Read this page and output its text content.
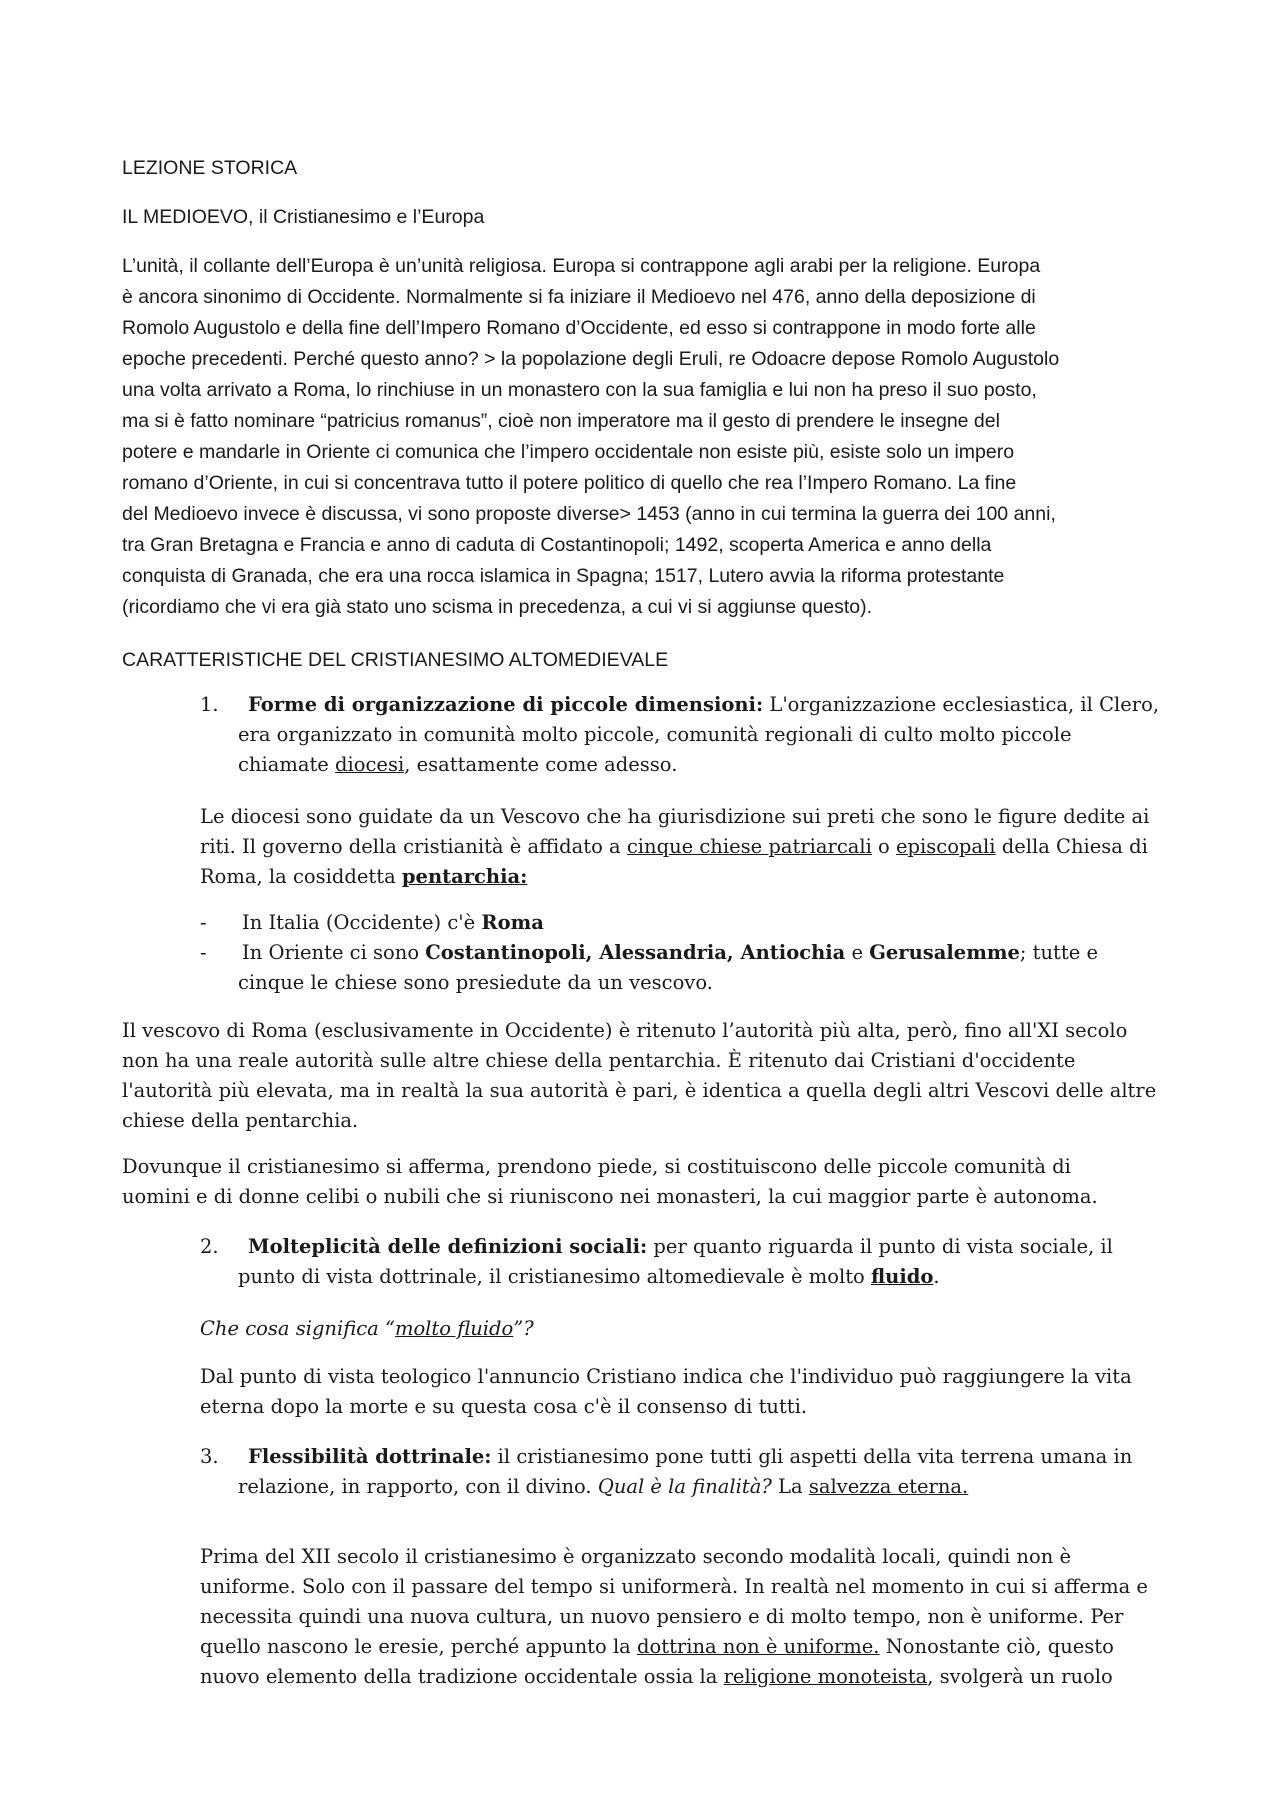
LEZIONE STORICA

IL MEDIOEVO, il Cristianesimo e l’Europa

L’unità, il collante dell’Europa è un’unità religiosa. Europa si contrappone agli arabi per la religione. Europa

è ancora sinonimo di Occidente. Normalmente si fa iniziare il Medioevo nel 476, anno della deposizione di

Romolo Augustolo e della fine dell’Impero Romano d’Occidente, ed esso si contrappone in modo forte alle

epoche precedenti. Perché questo anno? > la popolazione degli Eruli, re Odoacre depose Romolo Augustolo

una volta arrivato a Roma, lo rinchiuse in un monastero con la sua famiglia e lui non ha preso il suo posto,

ma si è fatto nominare “patricius romanus”, cioè non imperatore ma il gesto di prendere le insegne del

potere e mandarle in Oriente ci comunica che l’impero occidentale non esiste più, esiste solo un impero

romano d’Oriente, in cui si concentrava tutto il potere politico di quello che rea l’Impero Romano. La fine

del Medioevo invece è discussa, vi sono proposte diverse> 1453 (anno in cui termina la guerra dei 100 anni,

tra Gran Bretagna e Francia e anno di caduta di Costantinopoli; 1492, scoperta America e anno della

conquista di Granada, che era una rocca islamica in Spagna; 1517, Lutero avvia la riforma protestante

(ricordiamo che vi era già stato uno scisma in precedenza, a cui vi si aggiunse questo).

CARATTERISTICHE DEL CRISTIANESIMO ALTOMEDIEVALE

1. Forme di organizzazione di piccole dimensioni: L'organizzazione ecclesiastica, il Clero,

era organizzato in comunità molto piccole, comunità regionali di culto molto piccole

chiamate diocesi, esattamente come adesso.

Le diocesi sono guidate da un Vescovo che ha giurisdizione sui preti che sono le figure dedite ai

riti. Il governo della cristianità è affidato a cinque chiese patriarcali o episcopali della Chiesa di

Roma, la cosiddetta pentarchia:

- In Italia (Occidente) c'è Roma

- In Oriente ci sono Costantinopoli, Alessandria, Antiochia e Gerusalemme; tutte e

cinque le chiese sono presiedute da un vescovo.

Il vescovo di Roma (esclusivamente in Occidente) è ritenuto l’autorità più alta, però, fino all'XI secolo

non ha una reale autorità sulle altre chiese della pentarchia. È ritenuto dai Cristiani d'occidente

l'autorità più elevata, ma in realtà la sua autorità è pari, è identica a quella degli altri Vescovi delle altre

chiese della pentarchia.

Dovunque il cristianesimo si afferma, prendono piede, si costituiscono delle piccole comunità di

uomini e di donne celibi o nubili che si riuniscono nei monasteri, la cui maggior parte è autonoma.

2. Molteplicità delle definizioni sociali: per quanto riguarda il punto di vista sociale, il

punto di vista dottrinale, il cristianesimo altomedievale è molto fluido.

Che cosa significa “molto fluido”?

Dal punto di vista teologico l'annuncio Cristiano indica che l'individuo può raggiungere la vita

eterna dopo la morte e su questa cosa c'è il consenso di tutti.

3. Flessibilità dottrinale: il cristianesimo pone tutti gli aspetti della vita terrena umana in

relazione, in rapporto, con il divino. Qual è la finalità? La salvezza eterna.

Prima del XII secolo il cristianesimo è organizzato secondo modalità locali, quindi non è

uniforme. Solo con il passare del tempo si uniformerà. In realtà nel momento in cui si afferma e

necessita quindi una nuova cultura, un nuovo pensiero e di molto tempo, non è uniforme. Per

quello nascono le eresie, perché appunto la dottrina non è uniforme. Nonostante ciò, questo

nuovo elemento della tradizione occidentale ossia la religione monoteista, svolgerà un ruolo
